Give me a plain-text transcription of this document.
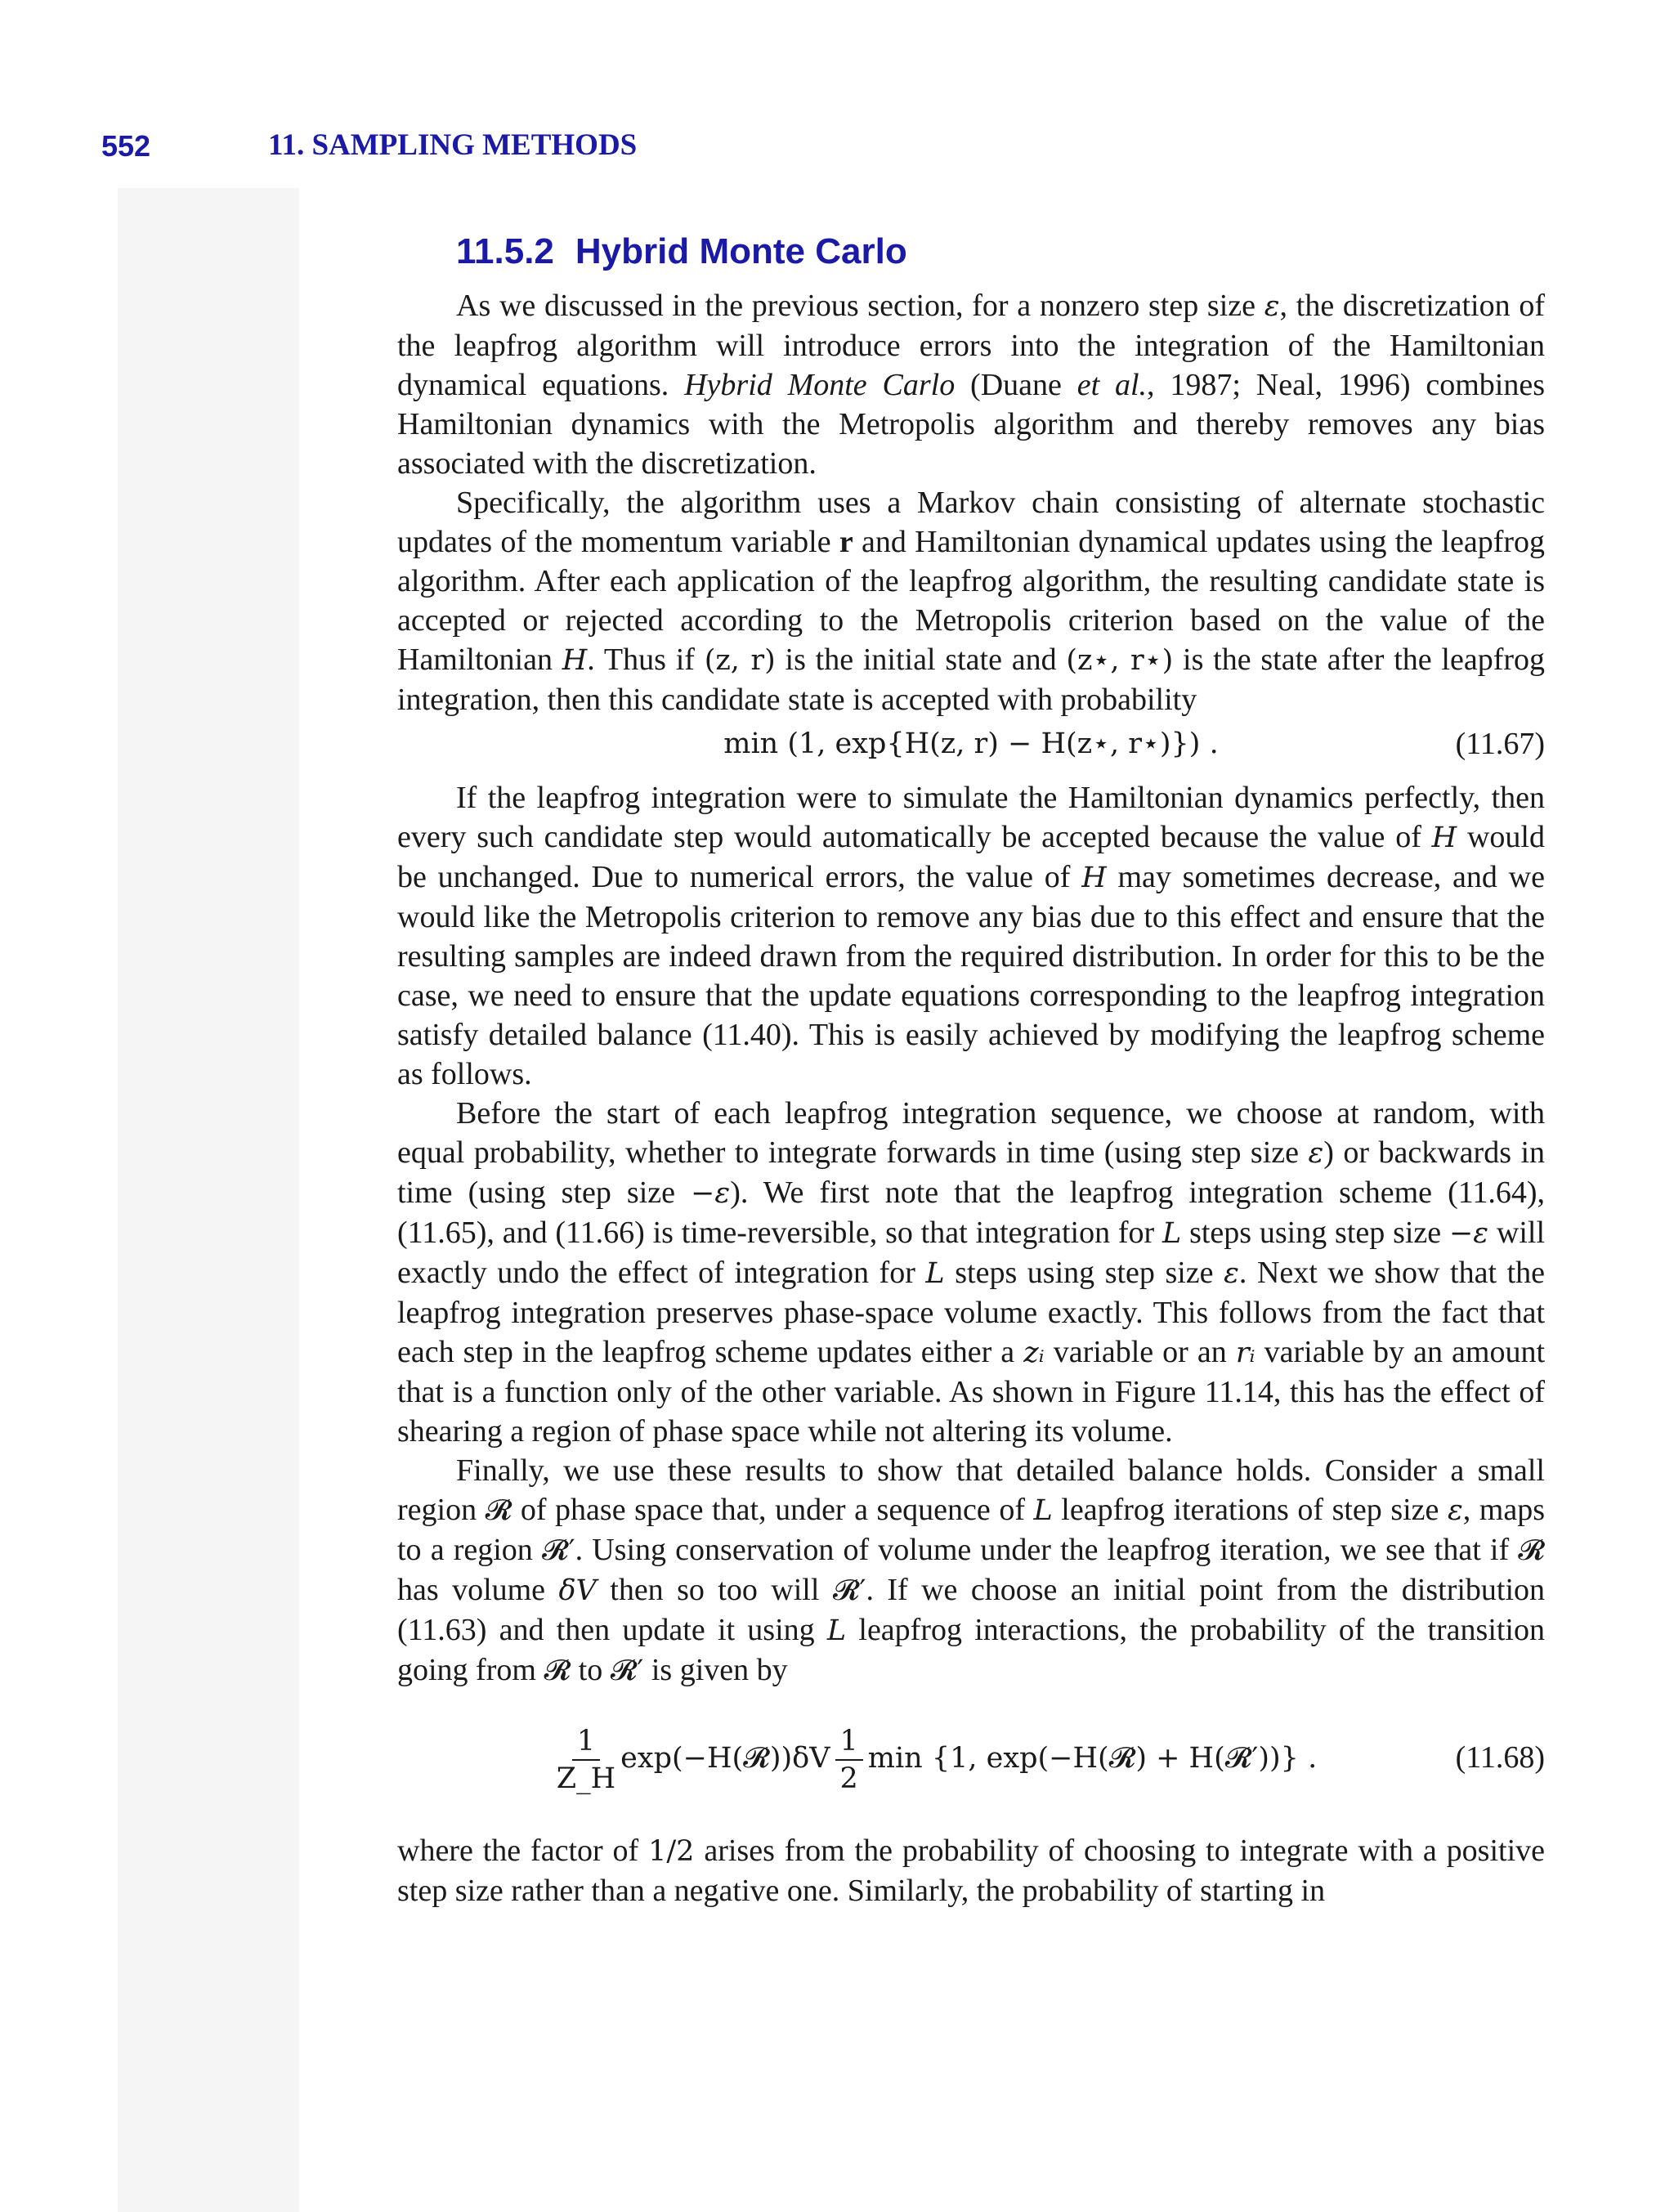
552	11. SAMPLING METHODS
11.5.2 Hybrid Monte Carlo

As we discussed in the previous section, for a nonzero step size ε, the discretization of the leapfrog algorithm will introduce errors into the integration of the Hamiltonian dynamical equations. Hybrid Monte Carlo (Duane et al., 1987; Neal, 1996) combines Hamiltonian dynamics with the Metropolis algorithm and thereby removes any bias associated with the discretization.

Specifically, the algorithm uses a Markov chain consisting of alternate stochastic updates of the momentum variable r and Hamiltonian dynamical updates using the leapfrog algorithm. After each application of the leapfrog algorithm, the resulting candidate state is accepted or rejected according to the Metropolis criterion based on the value of the Hamiltonian H. Thus if (z, r) is the initial state and (z⋆, r⋆) is the state after the leapfrog integration, then this candidate state is accepted with probability

min (1, exp{H(z, r) − H(z⋆, r⋆)}) .	(11.67)

If the leapfrog integration were to simulate the Hamiltonian dynamics perfectly, then every such candidate step would automatically be accepted because the value of H would be unchanged. Due to numerical errors, the value of H may sometimes decrease, and we would like the Metropolis criterion to remove any bias due to this effect and ensure that the resulting samples are indeed drawn from the required distribution. In order for this to be the case, we need to ensure that the update equations corresponding to the leapfrog integration satisfy detailed balance (11.40). This is easily achieved by modifying the leapfrog scheme as follows.

Before the start of each leapfrog integration sequence, we choose at random, with equal probability, whether to integrate forwards in time (using step size ε) or backwards in time (using step size −ε). We first note that the leapfrog integration scheme (11.64), (11.65), and (11.66) is time-reversible, so that integration for L steps using step size −ε will exactly undo the effect of integration for L steps using step size ε. Next we show that the leapfrog integration preserves phase-space volume exactly. This follows from the fact that each step in the leapfrog scheme updates either a zᵢ variable or an rᵢ variable by an amount that is a function only of the other variable. As shown in Figure 11.14, this has the effect of shearing a region of phase space while not altering its volume.

Finally, we use these results to show that detailed balance holds. Consider a small region 𝓡 of phase space that, under a sequence of L leapfrog iterations of step size ε, maps to a region 𝓡′. Using conservation of volume under the leapfrog iteration, we see that if 𝓡 has volume δV then so too will 𝓡′. If we choose an initial point from the distribution (11.63) and then update it using L leapfrog interactions, the probability of the transition going from 𝓡 to 𝓡′ is given by

$\frac{1}{Z\_H}$ exp(−H(𝓡))δV $\frac{1}{2}$ min {1, exp(−H(𝓡) + H(𝓡′))} .	(11.68)

where the factor of 1/2 arises from the probability of choosing to integrate with a positive step size rather than a negative one. Similarly, the probability of starting in
